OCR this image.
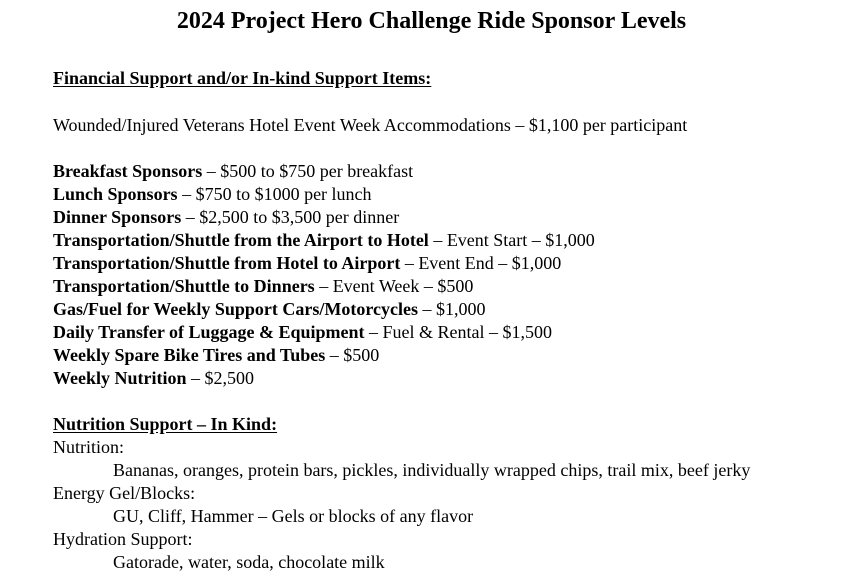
2024 Project Hero Challenge Ride Sponsor Levels
Financial Support and/or In-kind Support Items:
Wounded/Injured Veterans Hotel Event Week Accommodations – $1,100 per participant
Breakfast Sponsors – $500 to $750 per breakfast
Lunch Sponsors – $750 to $1000 per lunch
Dinner Sponsors – $2,500 to $3,500 per dinner
Transportation/Shuttle from the Airport to Hotel – Event Start – $1,000
Transportation/Shuttle from Hotel to Airport – Event End – $1,000
Transportation/Shuttle to Dinners – Event Week – $500
Gas/Fuel for Weekly Support Cars/Motorcycles – $1,000
Daily Transfer of Luggage & Equipment – Fuel & Rental – $1,500
Weekly Spare Bike Tires and Tubes – $500
Weekly Nutrition – $2,500
Nutrition Support – In Kind:
Nutrition:
Bananas, oranges, protein bars, pickles, individually wrapped chips, trail mix, beef jerky
Energy Gel/Blocks:
GU, Cliff, Hammer – Gels or blocks of any flavor
Hydration Support:
Gatorade, water, soda, chocolate milk
